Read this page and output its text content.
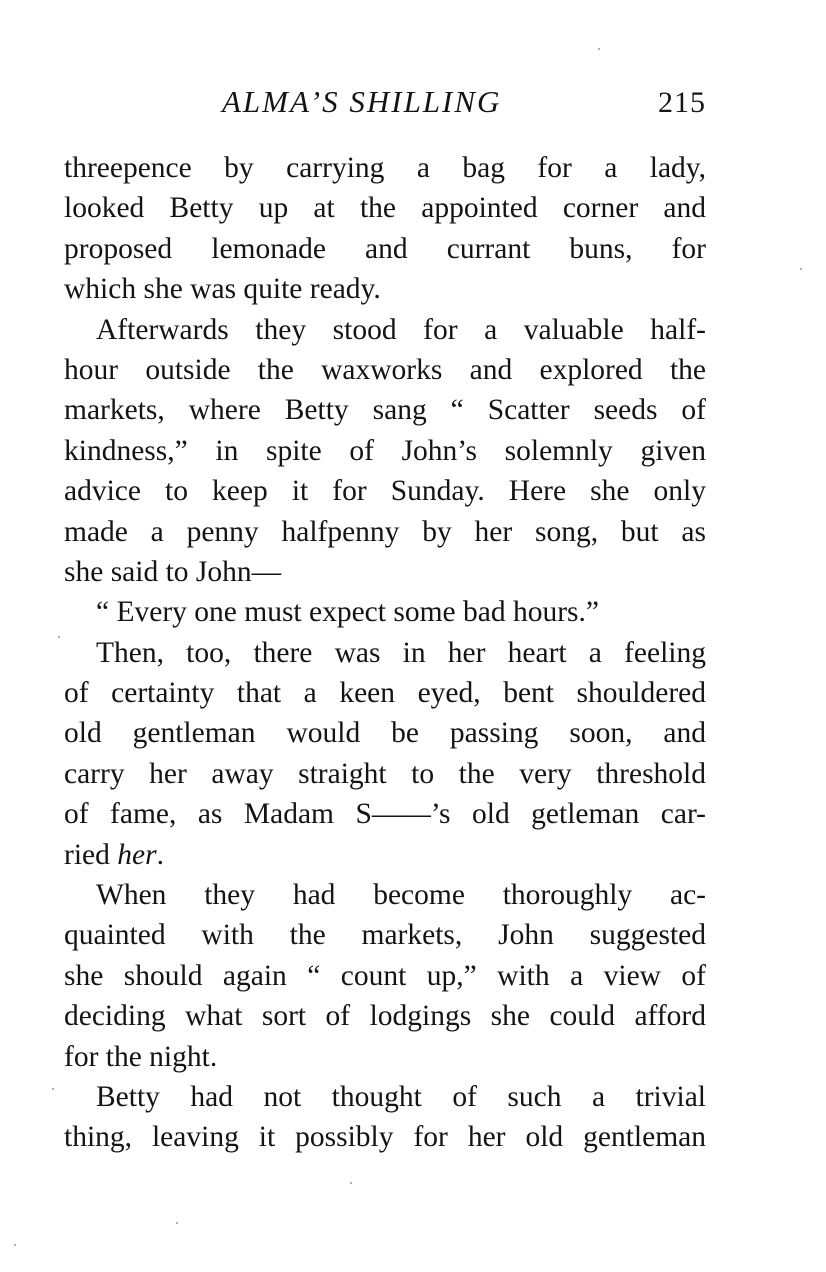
ALMA’S SHILLING	215
threepence by carrying a bag for a lady,
looked Betty up at the appointed corner and
proposed lemonade and currant buns, for
which she was quite ready.
Afterwards they stood for a valuable half-
hour outside the waxworks and explored the
markets, where Betty sang “ Scatter seeds of
kindness,” in spite of John’s solemnly given
advice to keep it for Sunday. Here she only
made a penny halfpenny by her song, but as
she said to John—
“ Every one must expect some bad hours.”
Then, too, there was in her heart a feeling
of certainty that a keen eyed, bent shouldered
old gentleman would be passing soon, and
carry her away straight to the very threshold
of fame, as Madam S——’s old getleman car-
ried her.
When they had become thoroughly ac-
quainted with the markets, John suggested
she should again “ count up,” with a view of
deciding what sort of lodgings she could afford
for the night.
Betty had not thought of such a trivial
thing, leaving it possibly for her old gentleman
